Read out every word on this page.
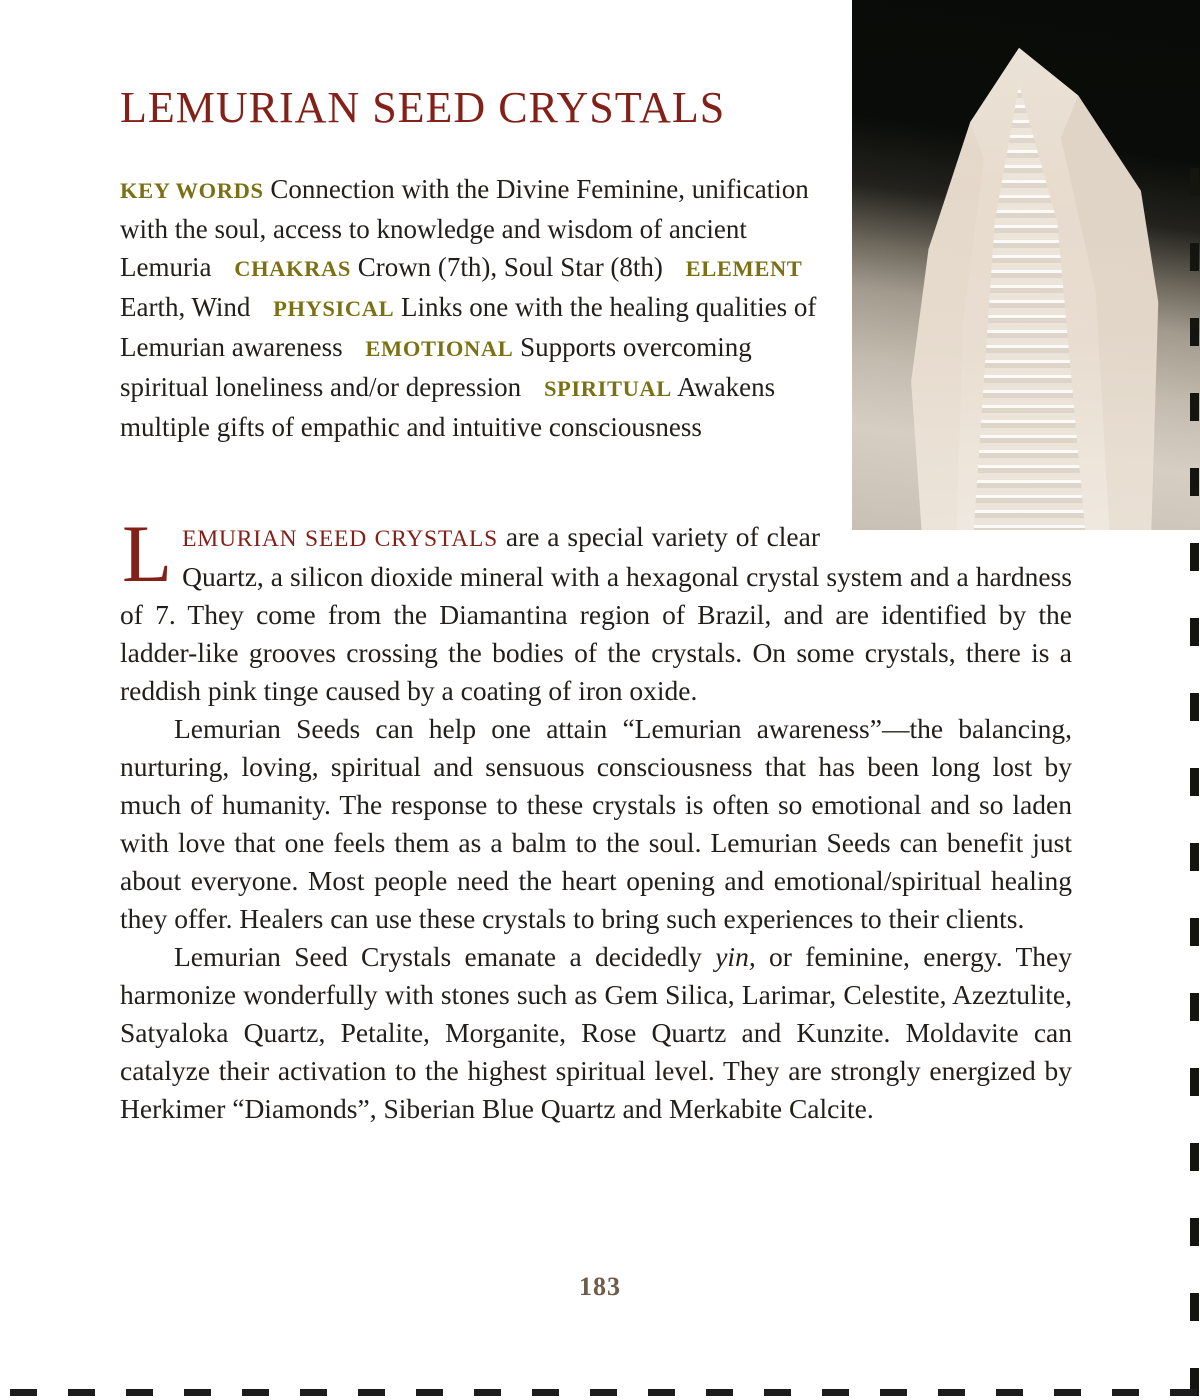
LEMURIAN SEED CRYSTALS

KEY WORDS Connection with the Divine Feminine, unification with the soul, access to knowledge and wisdom of ancient Lemuria CHAKRAS Crown (7th), Soul Star (8th) ELEMENT Earth, Wind PHYSICAL Links one with the healing qualities of Lemurian awareness EMOTIONAL Supports overcoming spiritual loneliness and/or depression SPIRITUAL Awakens multiple gifts of empathic and intuitive consciousness

LEMURIAN SEED CRYSTALS are a special variety of clear Quartz, a silicon dioxide mineral with a hexagonal crystal system and a hardness of 7. They come from the Diamantina region of Brazil, and are identified by the ladder-like grooves crossing the bodies of the crystals. On some crystals, there is a reddish pink tinge caused by a coating of iron oxide.

Lemurian Seeds can help one attain “Lemurian awareness”—the balancing, nurturing, loving, spiritual and sensuous consciousness that has been long lost by much of humanity. The response to these crystals is often so emotional and so laden with love that one feels them as a balm to the soul. Lemurian Seeds can benefit just about everyone. Most people need the heart opening and emotional/spiritual healing they offer. Healers can use these crystals to bring such experiences to their clients.

Lemurian Seed Crystals emanate a decidedly yin, or feminine, energy. They harmonize wonderfully with stones such as Gem Silica, Larimar, Celestite, Azeztulite, Satyaloka Quartz, Petalite, Morganite, Rose Quartz and Kunzite. Moldavite can catalyze their activation to the highest spiritual level. They are strongly energized by Herkimer “Diamonds”, Siberian Blue Quartz and Merkabite Calcite.

183
